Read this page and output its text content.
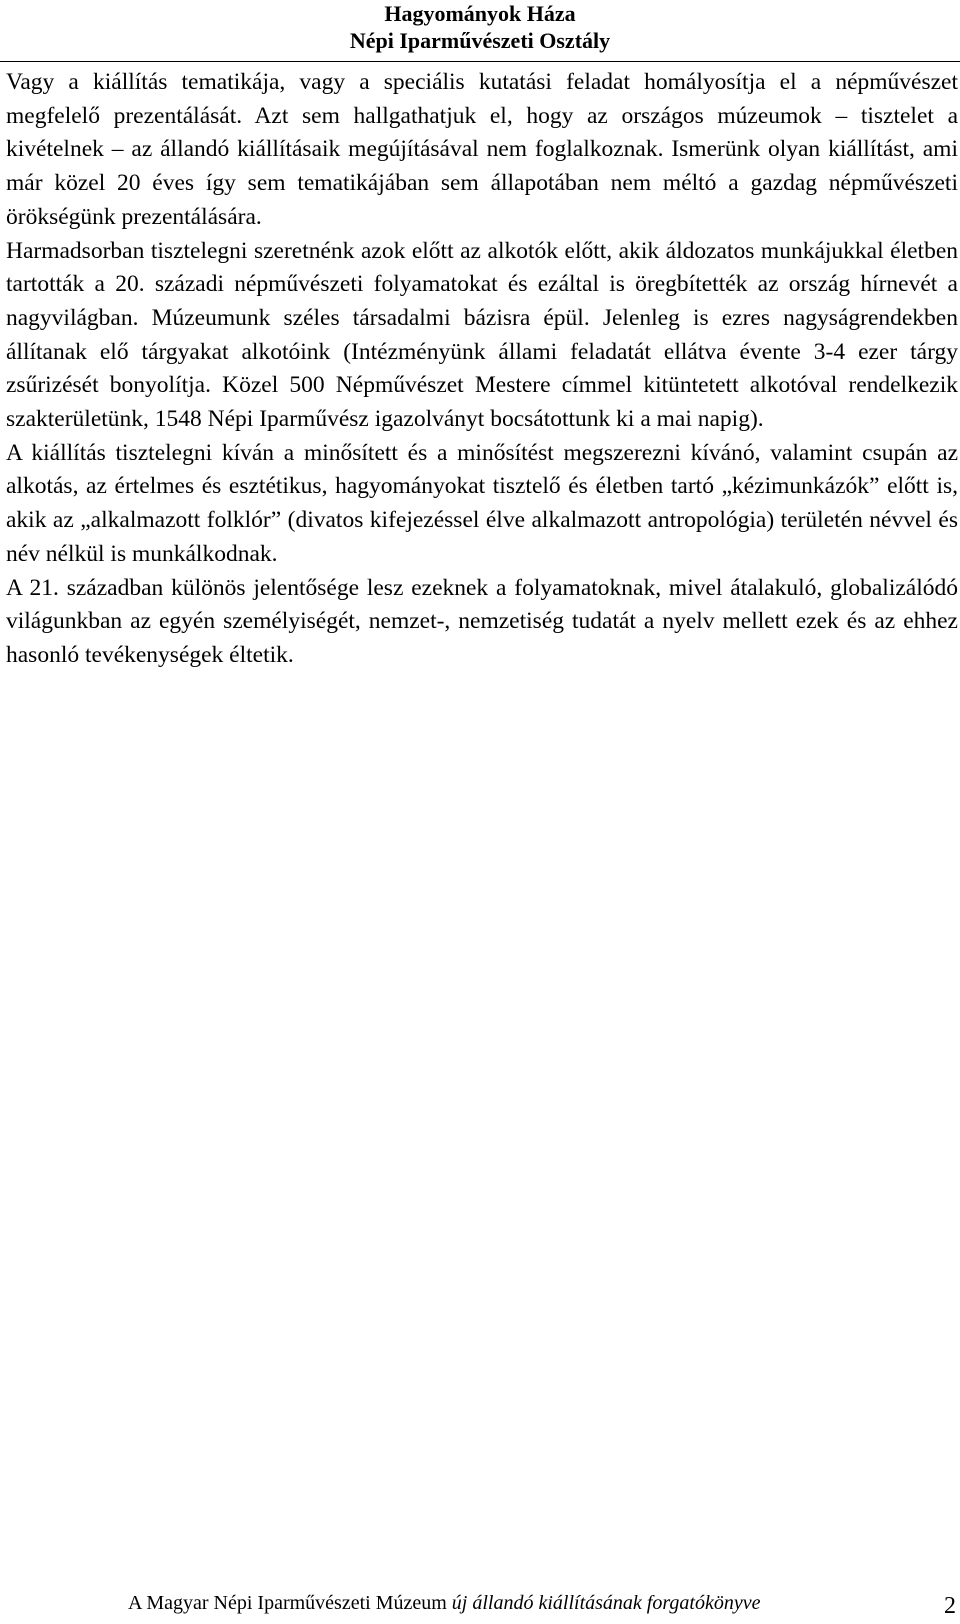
Hagyományok Háza
Népi Iparművészeti Osztály

Vagy a kiállítás tematikája, vagy a speciális kutatási feladat homályosítja el a népművészet megfelelő prezentálását. Azt sem hallgathatjuk el, hogy az országos múzeumok – tisztelet a kivételnek – az állandó kiállításaik megújításával nem foglalkoznak. Ismerünk olyan kiállítást, ami már közel 20 éves így sem tematikájában sem állapotában nem méltó a gazdag népművészeti örökségünk prezentálására.

Harmadsorban tisztelegni szeretnénk azok előtt az alkotók előtt, akik áldozatos munkájukkal életben tartották a 20. századi népművészeti folyamatokat és ezáltal is öregbítették az ország hírnevét a nagyvilágban. Múzeumunk széles társadalmi bázisra épül. Jelenleg is ezres nagyságrendekben állítanak elő tárgyakat alkotóink (Intézményünk állami feladatát ellátva évente 3-4 ezer tárgy zsűrizését bonyolítja. Közel 500 Népművészet Mestere címmel kitüntetett alkotóval rendelkezik szakterületünk, 1548 Népi Iparművész igazolványt bocsátottunk ki a mai napig).

A kiállítás tisztelegni kíván a minősített és a minősítést megszerezni kívánó, valamint csupán az alkotás, az értelmes és esztétikus, hagyományokat tisztelő és életben tartó „kézimunkázók” előtt is, akik az „alkalmazott folklór” (divatos kifejezéssel élve alkalmazott antropológia) területén névvel és név nélkül is munkálkodnak.

A 21. században különös jelentősége lesz ezeknek a folyamatoknak, mivel átalakuló, globalizálódó világunkban az egyén személyiségét, nemzet-, nemzetiség tudatát a nyelv mellett ezek és az ehhez hasonló tevékenységek éltetik.

A Magyar Népi Iparművészeti Múzeum új állandó kiállításának forgatókönyve	2
